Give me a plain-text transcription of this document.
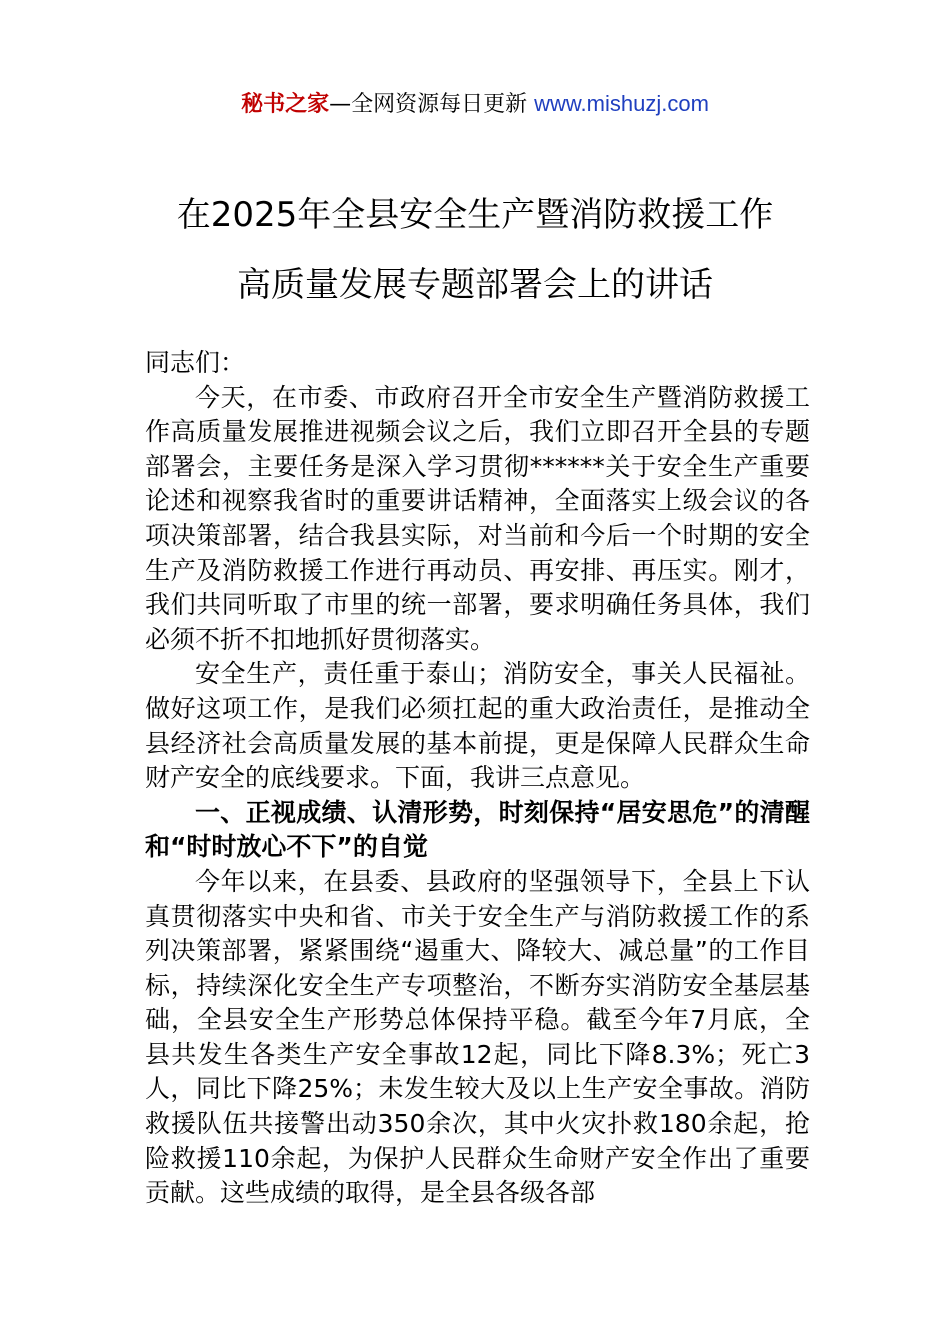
秘书之家—全网资源每日更新 www.mishuzj.com
在2025年全县安全生产暨消防救援工作
高质量发展专题部署会上的讲话

同志们：

今天，在市委、市政府召开全市安全生产暨消防救援工作高质量发展推进视频会议之后，我们立即召开全县的专题部署会，主要任务是深入学习贯彻******关于安全生产重要论述和视察我省时的重要讲话精神，全面落实上级会议的各项决策部署，结合我县实际，对当前和今后一个时期的安全生产及消防救援工作进行再动员、再安排、再压实。刚才，我们共同听取了市里的统一部署，要求明确任务具体，我们必须不折不扣地抓好贯彻落实。

安全生产，责任重于泰山；消防安全，事关人民福祉。做好这项工作，是我们必须扛起的重大政治责任，是推动全县经济社会高质量发展的基本前提，更是保障人民群众生命财产安全的底线要求。下面，我讲三点意见。

一、正视成绩、认清形势，时刻保持“居安思危”的清醒和“时时放心不下”的自觉

今年以来，在县委、县政府的坚强领导下，全县上下认真贯彻落实中央和省、市关于安全生产与消防救援工作的系列决策部署，紧紧围绕“遏重大、降较大、减总量”的工作目标，持续深化安全生产专项整治，不断夯实消防安全基层基础，全县安全生产形势总体保持平稳。截至今年7月底，全县共发生各类生产安全事故12起，同比下降8.3%；死亡3人，同比下降25%；未发生较大及以上生产安全事故。消防救援队伍共接警出动350余次，其中火灾扑救180余起，抢险救援110余起，为保护人民群众生命财产安全作出了重要贡献。这些成绩的取得，是全县各级各部
